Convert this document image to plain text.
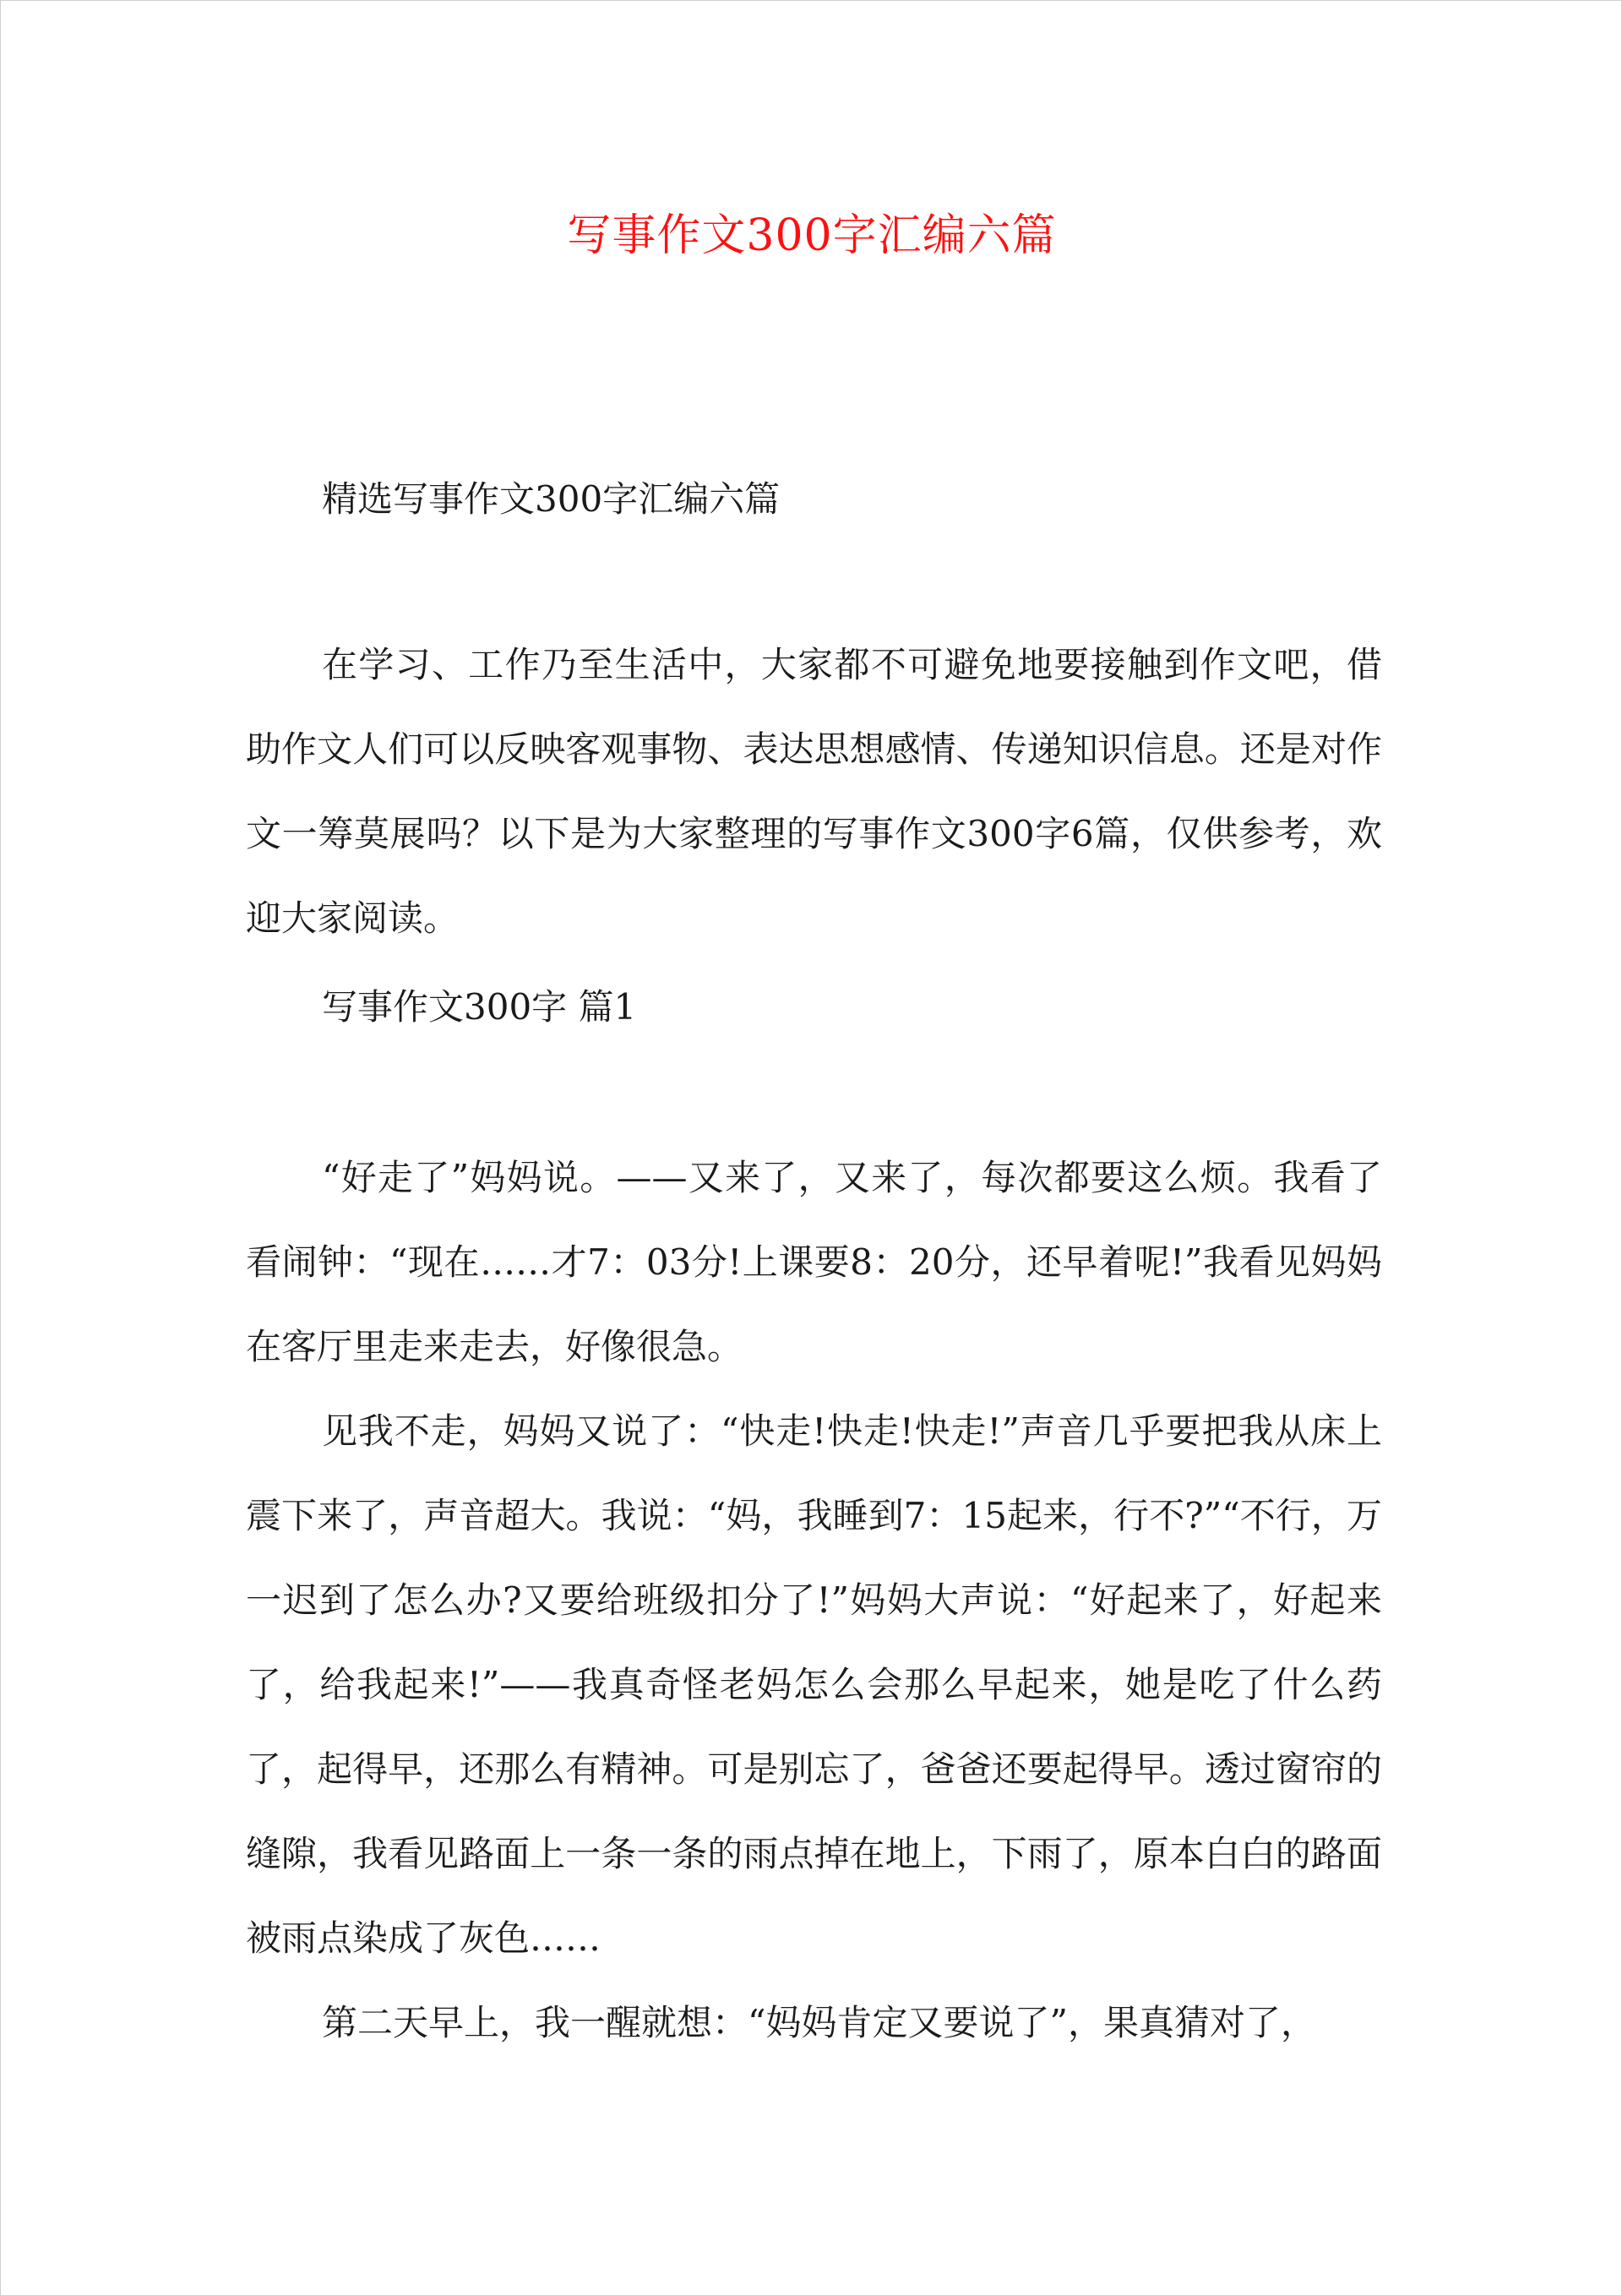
写事作文300字汇编六篇

精选写事作文300字汇编六篇

在学习、工作乃至生活中，大家都不可避免地要接触到作文吧，借助作文人们可以反映客观事物、表达思想感情、传递知识信息。还是对作文一筹莫展吗？以下是为大家整理的写事作文300字6篇，仅供参考，欢迎大家阅读。

写事作文300字 篇1

“好走了”妈妈说。——又来了，又来了，每次都要这么烦。我看了看闹钟：“现在……才7：03分!上课要8：20分，还早着呢!”我看见妈妈在客厅里走来走去，好像很急。

见我不走，妈妈又说了：“快走!快走!快走!”声音几乎要把我从床上震下来了，声音超大。我说：“妈，我睡到7：15起来，行不?”“不行，万一迟到了怎么办?又要给班级扣分了!”妈妈大声说：“好起来了，好起来了，给我起来!”——我真奇怪老妈怎么会那么早起来，她是吃了什么药了，起得早，还那么有精神。可是别忘了，爸爸还要起得早。透过窗帘的缝隙，我看见路面上一条一条的雨点掉在地上，下雨了，原本白白的路面被雨点染成了灰色……

第二天早上，我一醒就想：“妈妈肯定又要说了”，果真猜对了，
